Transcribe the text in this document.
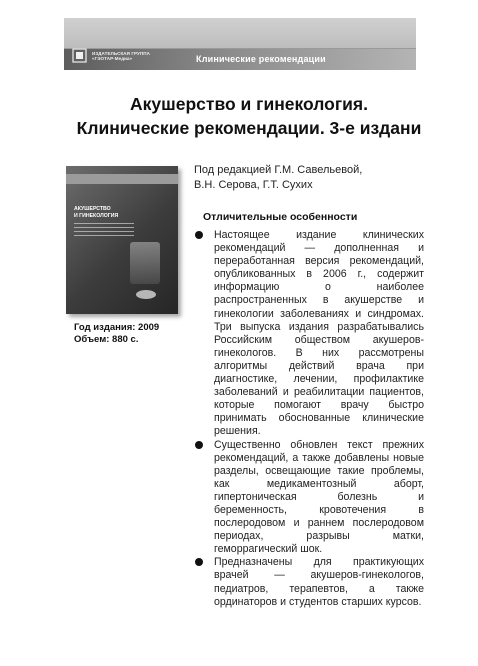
ИЗДАТЕЛЬСКАЯ ГРУППА
«ГЭОТАР-Медиа»	Клинические рекомендации
Акушерство и гинекология.
Клинические рекомендации. 3-е издани
АКУШЕРСТВО
И ГИНЕКОЛОГИЯ
Год издания: 2009
Объем: 880 с.
Под редакцией Г.М. Савельевой,
В.Н. Серова, Г.Т. Сухих
Отличительные особенности
Настоящее издание клинических рекомендаций — дополненная и переработанная версия рекомендаций, опубликованных в 2006 г., содержит информацию о наиболее распространенных в акушерстве и гинекологии заболеваниях и синдромах. Три выпуска издания разрабатывались Российским обществом акушеров-гинекологов. В них рассмотрены алгоритмы действий врача при диагностике, лечении, профилактике заболеваний и реабилитации пациентов, которые помогают врачу быстро принимать обоснованные клинические решения.
Существенно обновлен текст прежних рекомендаций, а также добавлены новые разделы, освещающие такие проблемы, как медикаментозный аборт, гипертоническая болезнь и беременность, кровотечения в послеродовом и раннем послеродовом периодах, разрывы матки, геморрагический шок.
Предназначены для практикующих врачей — акушеров-гинекологов, педиатров, терапевтов, а также ординаторов и студентов старших курсов.
